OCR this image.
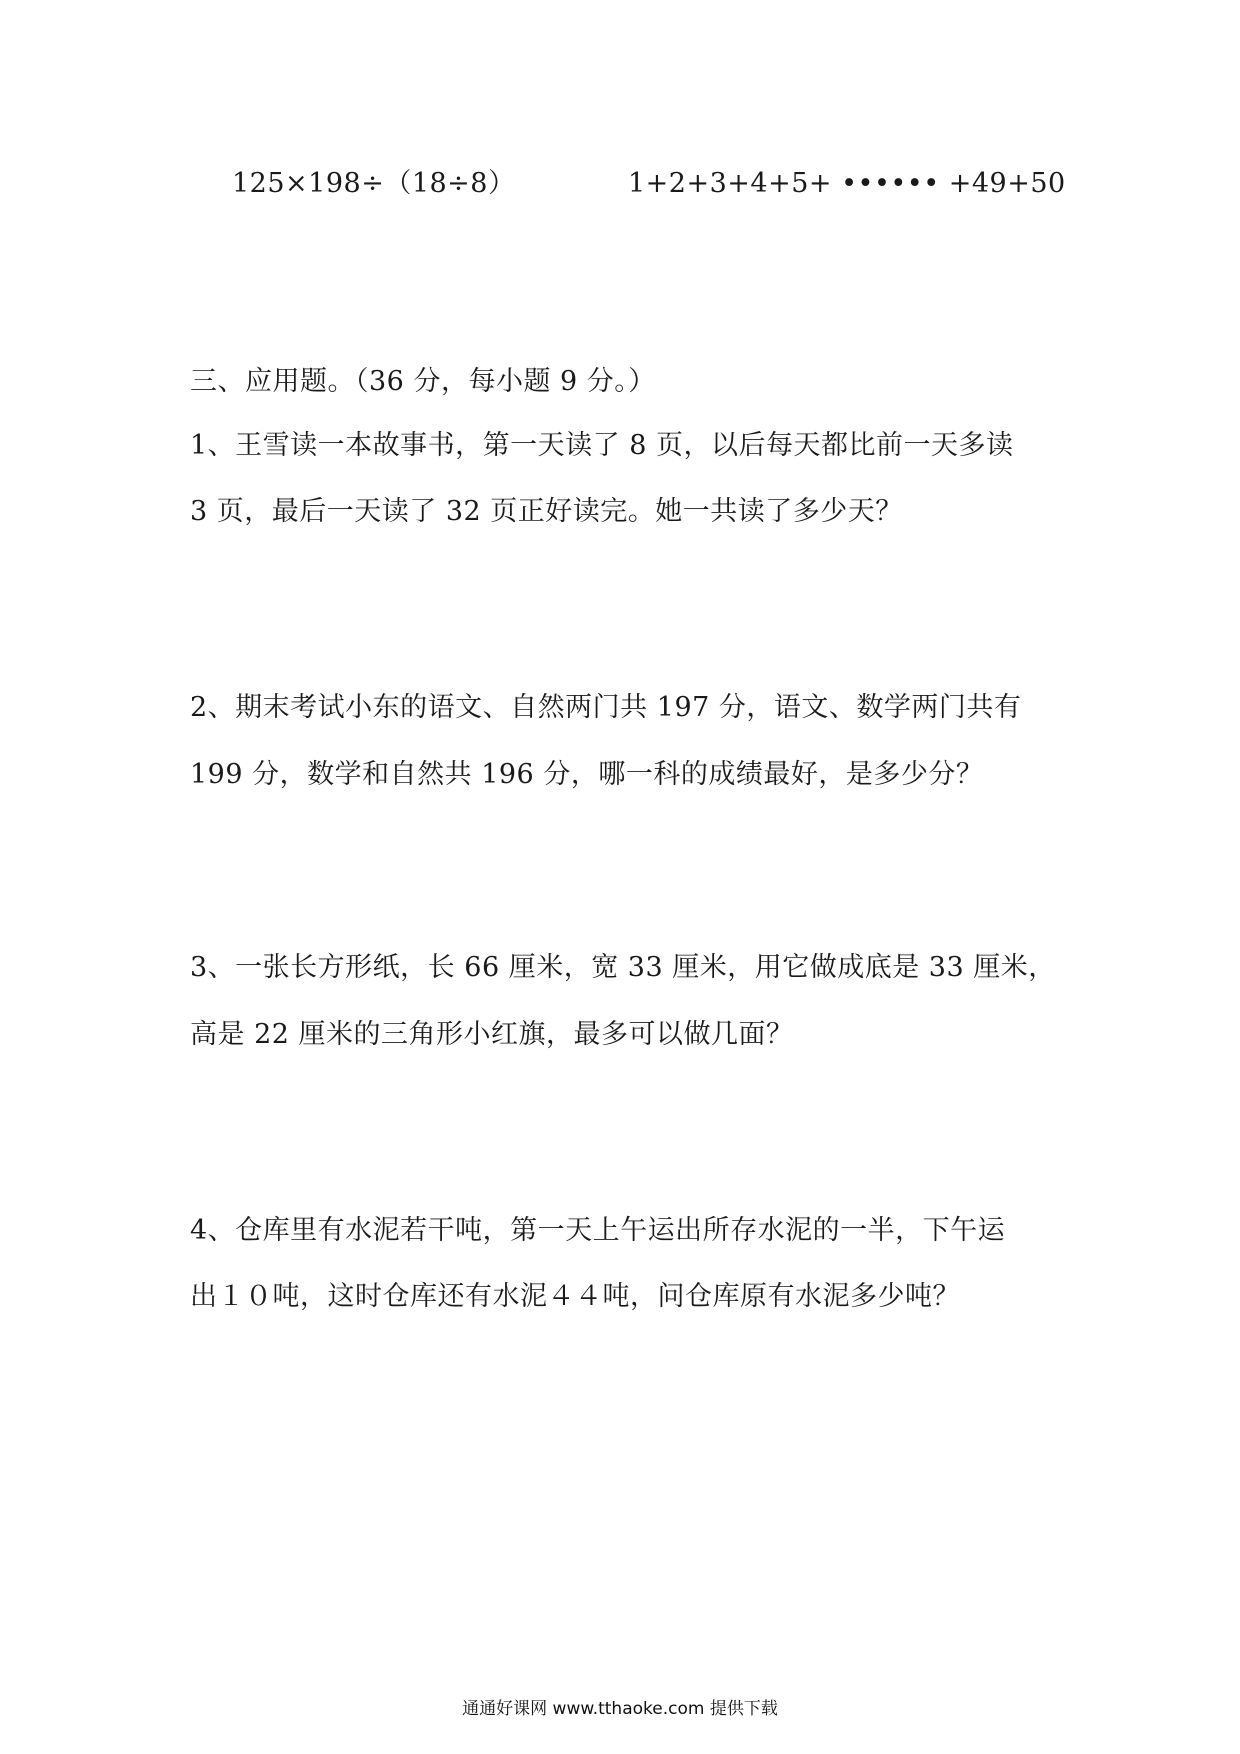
125×198÷（18÷8）	1+2+3+4+5+ •••••• +49+50
三、应用题。（36 分，每小题 9 分。）
1、王雪读一本故事书，第一天读了 8 页，以后每天都比前一天多读
3 页，最后一天读了 32 页正好读完。她一共读了多少天？
2、期末考试小东的语文、自然两门共 197 分，语文、数学两门共有
199 分，数学和自然共 196 分，哪一科的成绩最好，是多少分？
3、一张长方形纸，长 66 厘米，宽 33 厘米，用它做成底是 33 厘米，
高是 22 厘米的三角形小红旗，最多可以做几面？
4、仓库里有水泥若干吨，第一天上午运出所存水泥的一半，下午运
出１０吨，这时仓库还有水泥４４吨，问仓库原有水泥多少吨？
通通好课网 www.tthaoke.com 提供下载
